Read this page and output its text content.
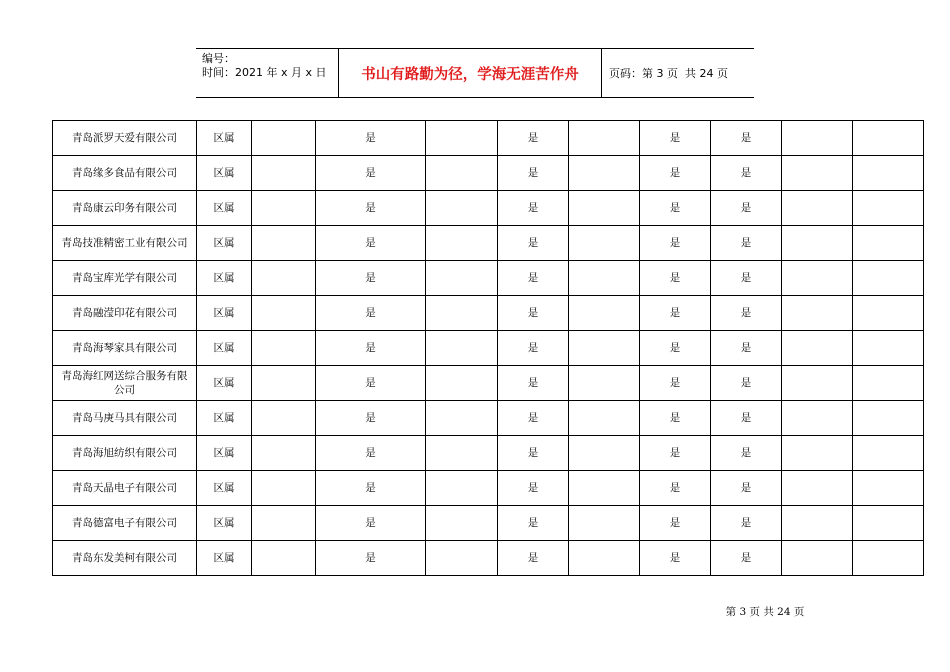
编号：
时间：2021 年 x 月 x 日	书山有路勤为径，学海无涯苦作舟	页码：第 3 页  共 24 页
青岛派罗天爱有限公司	区属		是		是		是	是		
青岛缘多食品有限公司	区属		是		是		是	是		
青岛康云印务有限公司	区属		是		是		是	是		
青岛技准精密工业有限公司	区属		是		是		是	是		
青岛宝库光学有限公司	区属		是		是		是	是		
青岛融滢印花有限公司	区属		是		是		是	是		
青岛海琴家具有限公司	区属		是		是		是	是		
青岛海红网送综合服务有限公司	区属		是		是		是	是		
青岛马庚马具有限公司	区属		是		是		是	是		
青岛海旭纺织有限公司	区属		是		是		是	是		
青岛天晶电子有限公司	区属		是		是		是	是		
青岛德富电子有限公司	区属		是		是		是	是		
青岛东发美柯有限公司	区属		是		是		是	是		
第 3 页 共 24 页
